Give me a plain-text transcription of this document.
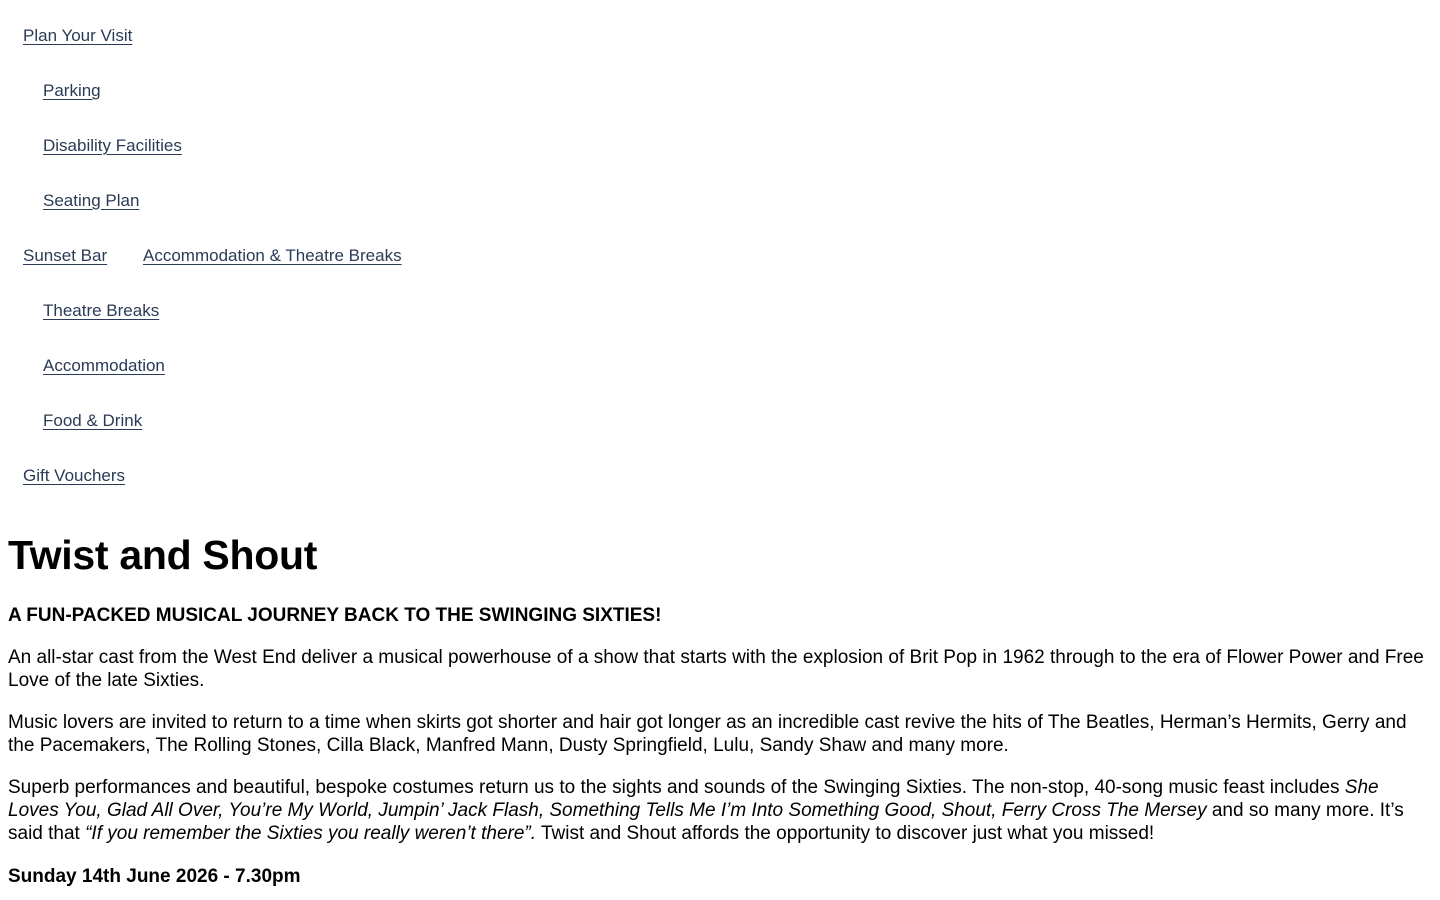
Plan Your Visit
Parking
Disability Facilities
Seating Plan
Sunset Bar Accommodation & Theatre Breaks
Theatre Breaks
Accommodation
Food & Drink
Gift Vouchers
Twist and Shout

A FUN-PACKED MUSICAL JOURNEY BACK TO THE SWINGING SIXTIES!

An all-star cast from the West End deliver a musical powerhouse of a show that starts with the explosion of Brit Pop in 1962 through to the era of Flower Power and Free Love of the late Sixties.

Music lovers are invited to return to a time when skirts got shorter and hair got longer as an incredible cast revive the hits of The Beatles, Herman’s Hermits, Gerry and the Pacemakers, The Rolling Stones, Cilla Black, Manfred Mann, Dusty Springfield, Lulu, Sandy Shaw and many more.

Superb performances and beautiful, bespoke costumes return us to the sights and sounds of the Swinging Sixties. The non-stop, 40-song music feast includes She Loves You, Glad All Over, You’re My World, Jumpin’ Jack Flash, Something Tells Me I’m Into Something Good, Shout, Ferry Cross The Mersey and so many more. It’s said that “If you remember the Sixties you really weren’t there”. Twist and Shout affords the opportunity to discover just what you missed!

Sunday 14th June 2026 - 7.30pm
